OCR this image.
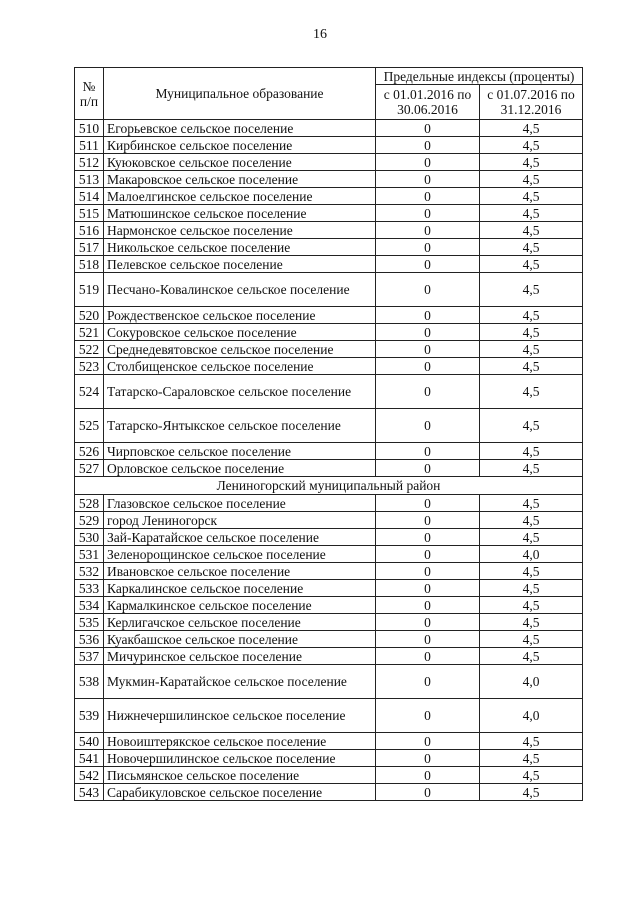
16
№ п/п	Муниципальное образование	Предельные индексы (проценты)	
		с 01.01.2016 по 30.06.2016	с 01.07.2016 по 31.12.2016
510	Егорьевское сельское поселение	0	4,5
511	Кирбинское сельское поселение	0	4,5
512	Куюковское сельское поселение	0	4,5
513	Макаровское сельское поселение	0	4,5
514	Малоелгинское сельское поселение	0	4,5
515	Матюшинское сельское поселение	0	4,5
516	Нармонское сельское поселение	0	4,5
517	Никольское сельское поселение	0	4,5
518	Пелевское сельское поселение	0	4,5
519	Песчано-Ковалинское сельское поселение	0	4,5
520	Рождественское сельское поселение	0	4,5
521	Сокуровское сельское поселение	0	4,5
522	Среднедевятовское сельское поселение	0	4,5
523	Столбищенское сельское поселение	0	4,5
524	Татарско-Сараловское сельское поселение	0	4,5
525	Татарско-Янтыкское сельское поселение	0	4,5
526	Чирповское сельское поселение	0	4,5
527	Орловское сельское поселение	0	4,5
Лениногорский муниципальный район			
528	Глазовское сельское поселение	0	4,5
529	город Лениногорск	0	4,5
530	Зай-Каратайское сельское поселение	0	4,5
531	Зеленорощинское сельское поселение	0	4,0
532	Ивановское сельское поселение	0	4,5
533	Каркалинское сельское поселение	0	4,5
534	Кармалкинское сельское поселение	0	4,5
535	Керлигачское сельское поселение	0	4,5
536	Куакбашское сельское поселение	0	4,5
537	Мичуринское сельское поселение	0	4,5
538	Мукмин-Каратайское сельское поселение	0	4,0
539	Нижнечершилинское сельское поселение	0	4,0
540	Новоиштерякское сельское поселение	0	4,5
541	Новочершилинское сельское поселение	0	4,5
542	Письмянское сельское поселение	0	4,5
543	Сарабикуловское сельское поселение	0	4,5
